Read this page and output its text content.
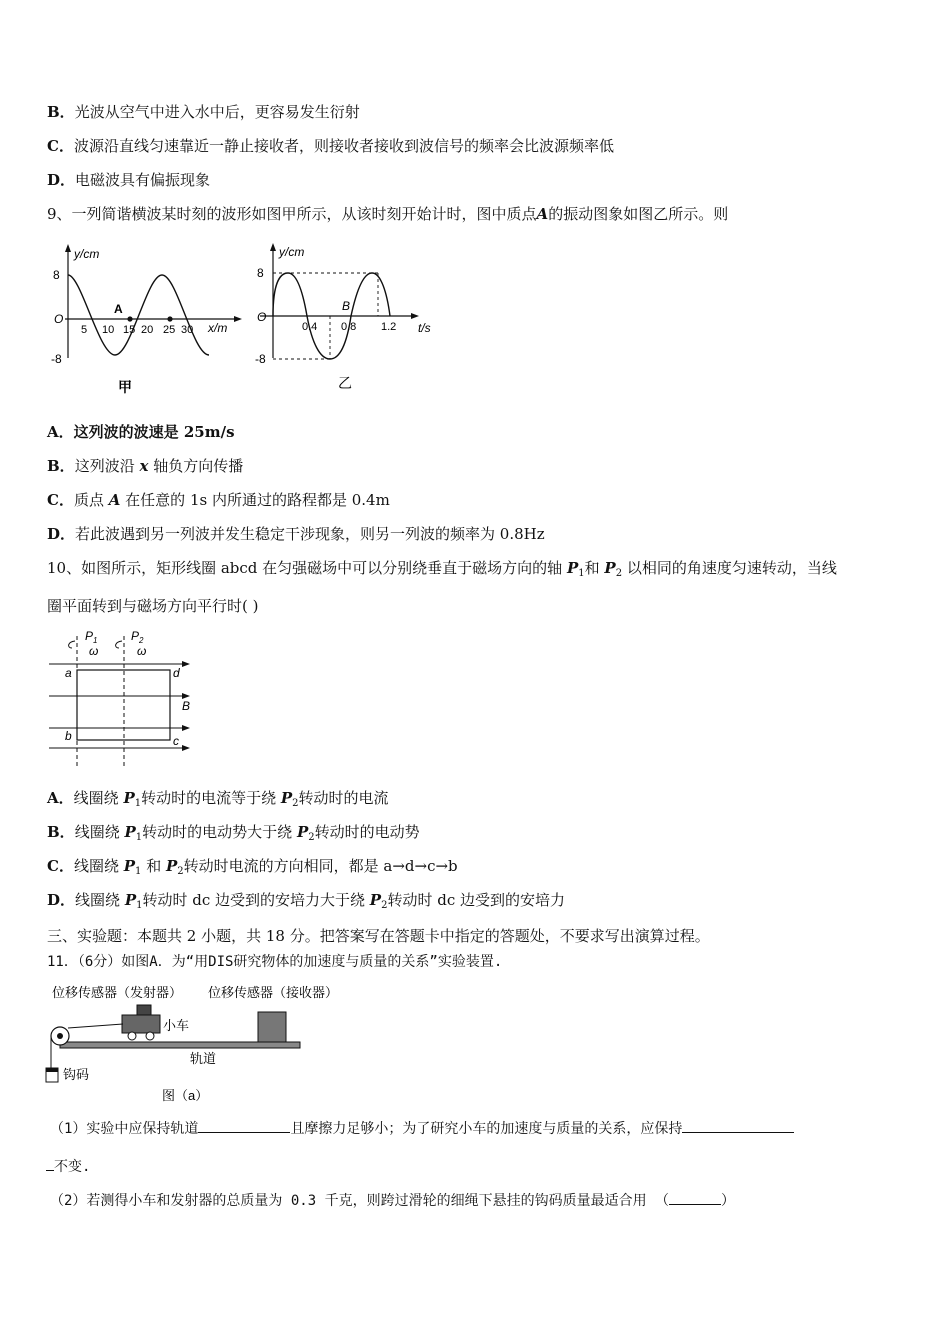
B．光波从空气中进入水中后，更容易发生衍射
C．波源沿直线匀速靠近一静止接收者，则接收者接收到波信号的频率会比波源频率低
D．电磁波具有偏振现象
9、一列简谐横波某时刻的波形如图甲所示，从该时刻开始计时，图中质点A的振动图象如图乙所示。则
y/cm
8
O
-8
A
5 10 15 20 25 30 x/m
甲
y/cm
8
O
-8
B
0.4 0.8 1.2 t/s
乙
A．这列波的波速是 25m/s
B．这列波沿 x 轴负方向传播
C．质点 A 在任意的 1s 内所通过的路程都是 0.4m
D．若此波遇到另一列波并发生稳定干涉现象，则另一列波的频率为 0.8Hz
10、如图所示，矩形线圈 abcd 在匀强磁场中可以分别绕垂直于磁场方向的轴 $P_1$和 $P_2$ 以相同的角速度匀速转动，当线
圈平面转到与磁场方向平行时( )
$P_1$	$P_2$
ω	ω
a	d
B
b	c
A．线圈绕 $P_1$转动时的电流等于绕 $P_2$转动时的电流
B．线圈绕 $P_1$转动时的电动势大于绕 $P_2$转动时的电动势
C．线圈绕 $P_1$ 和 $P_2$转动时电流的方向相同，都是 a→d→c→b
D．线圈绕 $P_1$转动时 dc 边受到的安培力大于绕 $P_2$转动时 dc 边受到的安培力
三、实验题：本题共 2 小题，共 18 分。把答案写在答题卡中指定的答题处，不要求写出演算过程。
11．（6分）如图A．为“用DIS研究物体的加速度与质量的关系”实验装置.
位移传感器（发射器） 位移传感器（接收器）
小车
钩码
轨道
图（a）
（1）实验中应保持轨道	且摩擦力足够小；为了研究小车的加速度与质量的关系，应保持
不变.
（2）若测得小车和发射器的总质量为 0.3 千克，则跨过滑轮的细绳下悬挂的钩码质量最适合用 （	）
